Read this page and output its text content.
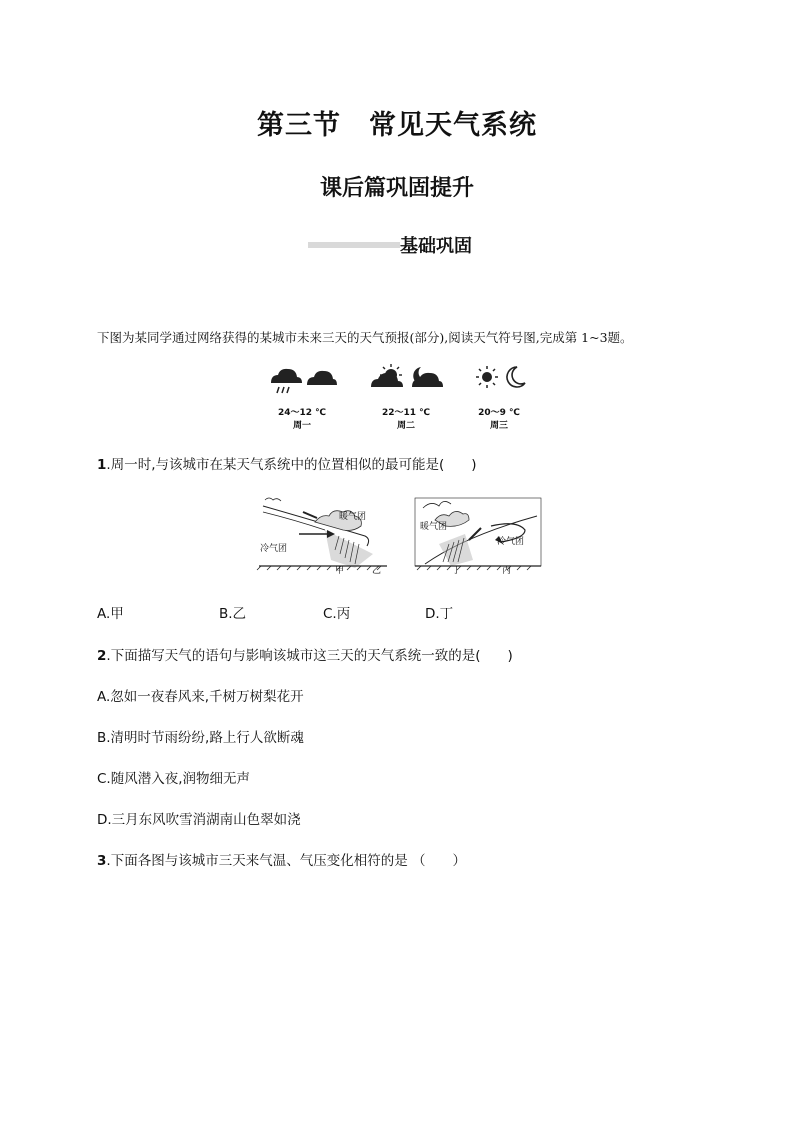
第三节　常见天气系统
课后篇巩固提升
基础巩固
下图为某同学通过网络获得的某城市未来三天的天气预报(部分),阅读天气符号图,完成第 1~3题。
24～12 ℃
周一
22～11 ℃
周二
20～9 ℃
周三
1.周一时,与该城市在某天气系统中的位置相似的最可能是(　　)
暖气团
冷气团
甲	乙
暖气团
冷气团
丁	丙
A.甲	B.乙	C.丙	D.丁
2.下面描写天气的语句与影响该城市这三天的天气系统一致的是(　　)
A.忽如一夜春风来,千树万树梨花开
B.清明时节雨纷纷,路上行人欲断魂
C.随风潜入夜,润物细无声
D.三月东风吹雪消湖南山色翠如浇
3.下面各图与该城市三天来气温、气压变化相符的是 （　　）
